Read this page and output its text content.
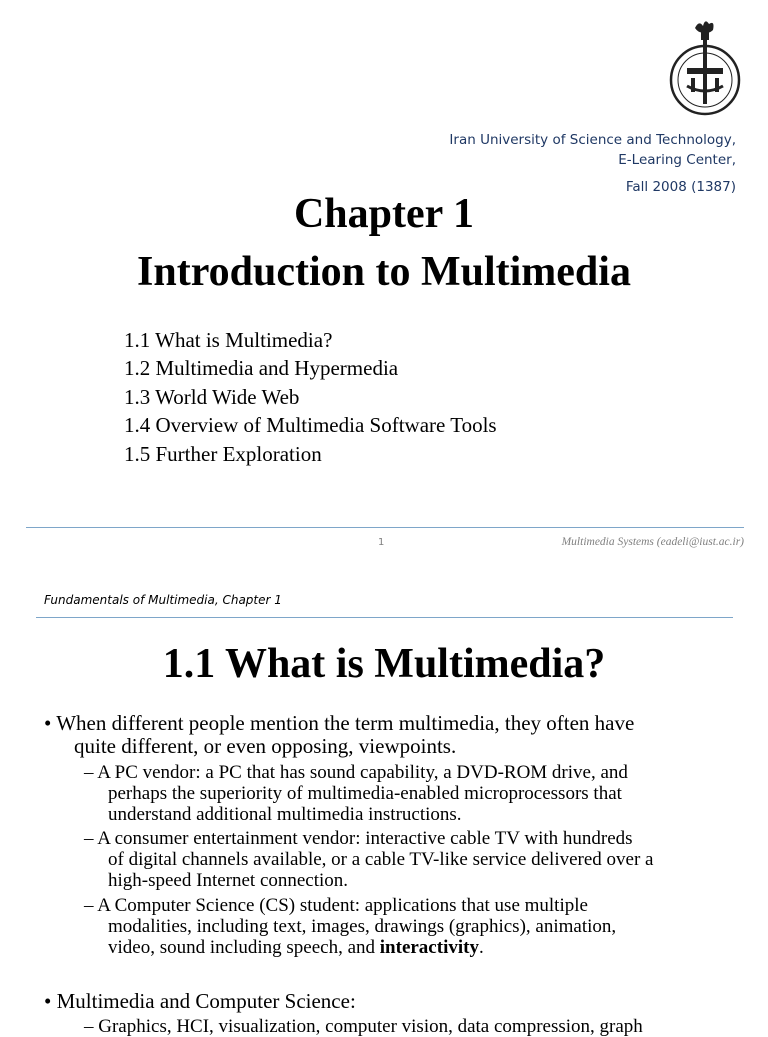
Iran University of Science and Technology,
E-Learing Center,
Fall 2008 (1387)
Chapter 1
Introduction to Multimedia
1.1 What is Multimedia?
1.2 Multimedia and Hypermedia
1.3 World Wide Web
1.4 Overview of Multimedia Software Tools
1.5 Further Exploration
1	Multimedia Systems (eadeli@iust.ac.ir)
Fundamentals of Multimedia, Chapter 1
1.1 What is Multimedia?
• When different people mention the term multimedia, they often have
quite different, or even opposing, viewpoints.
– A PC vendor: a PC that has sound capability, a DVD-ROM drive, and
perhaps the superiority of multimedia-enabled microprocessors that
understand additional multimedia instructions.
– A consumer entertainment vendor: interactive cable TV with hundreds
of digital channels available, or a cable TV-like service delivered over a
high-speed Internet connection.
– A Computer Science (CS) student: applications that use multiple
modalities, including text, images, drawings (graphics), animation,
video, sound including speech, and interactivity.
• Multimedia and Computer Science:
– Graphics, HCI, visualization, computer vision, data compression, graph
